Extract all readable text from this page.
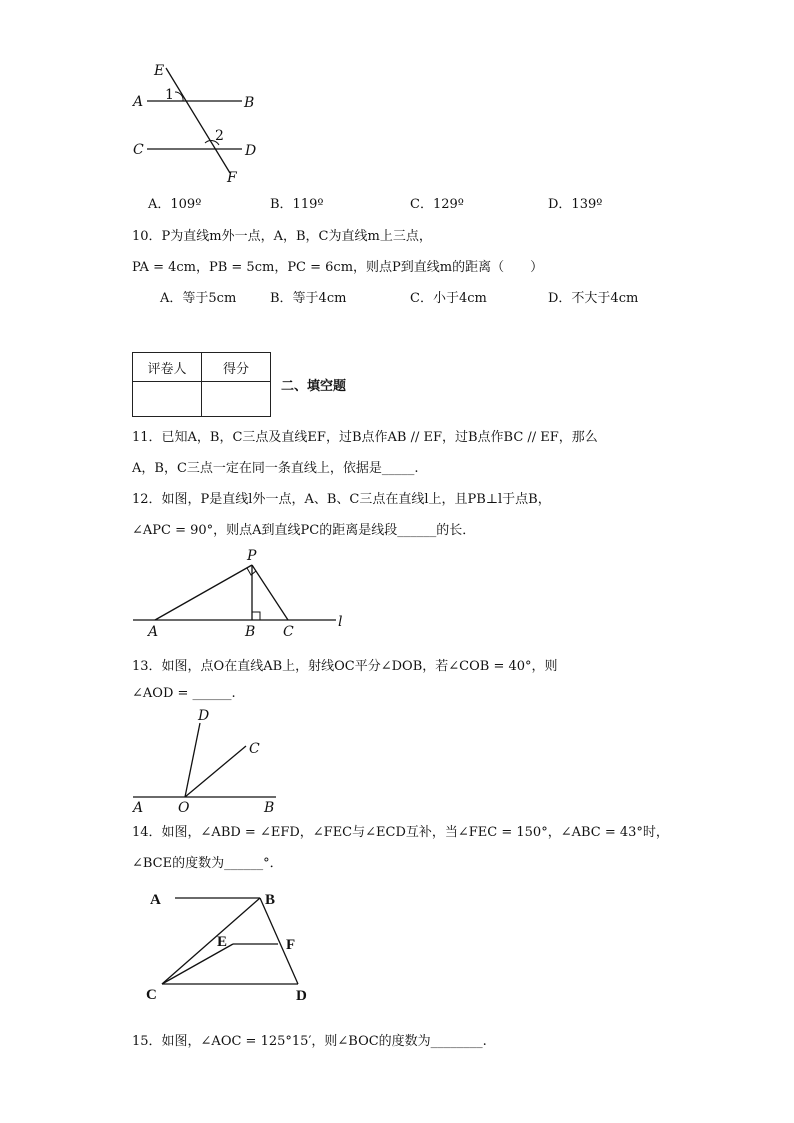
E
A	B
1
2
C	D
F
A．109º	B．119º	C．129º	D．139º
10．P为直线m外一点，A，B，C为直线m上三点，
PA = 4cm，PB = 5cm，PC = 6cm，则点P到直线m的距离（　　）
A．等于5cm	B．等于4cm	C．小于4cm	D．不大于4cm
评卷人	得分

二、填空题
11．已知A，B，C三点及直线EF，过B点作AB // EF，过B点作BC // EF，那么
A，B，C三点一定在同一条直线上，依据是_____.
12．如图，P是直线l外一点，A、B、C三点在直线l上，且PB⊥l于点B，
∠APC = 90°，则点A到直线PC的距离是线段______的长．
P
A	B C
l
13．如图，点O在直线AB上，射线OC平分∠DOB，若∠COB = 40°，则
∠AOD = ______.
D
C
A O	B
14．如图，∠ABD = ∠EFD，∠FEC与∠ECD互补，当∠FEC = 150°，∠ABC = 43°时，
∠BCE的度数为______°．
A	B
E	F
C	D
15．如图，∠AOC = 125°15′，则∠BOC的度数为________.
